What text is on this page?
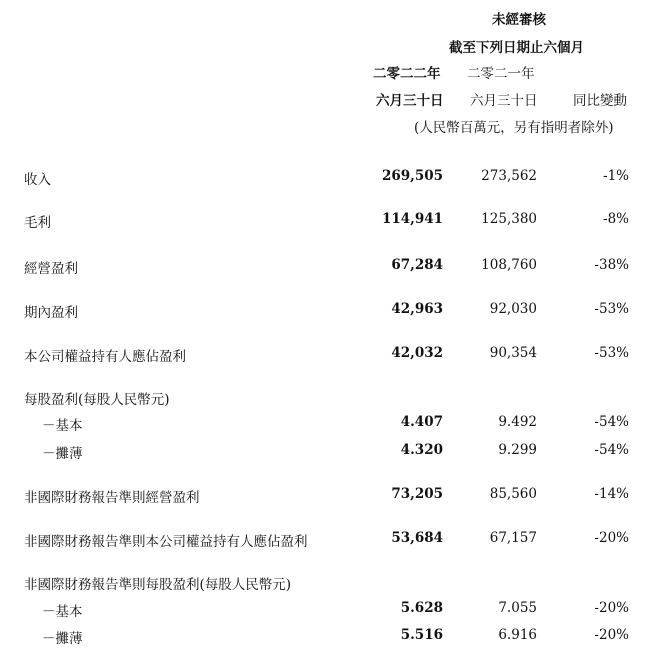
未經審核
截至下列日期止六個月
二零二二年 二零二一年
六月三十日 六月三十日	同比變動
(人民幣百萬元，另有指明者除外)
收入	269,505	273,562	-1%
毛利	114,941	125,380	-8%
經營盈利	67,284	108,760	-38%
期內盈利	42,963	92,030	-53%
本公司權益持有人應佔盈利	42,032	90,354	-53%
每股盈利(每股人民幣元)
－基本	4.407	9.492	-54%
－攤薄	4.320	9.299	-54%
非國際財務報告準則經營盈利	73,205	85,560	-14%
非國際財務報告準則本公司權益持有人應佔盈利	53,684	67,157	-20%
非國際財務報告準則每股盈利(每股人民幣元)
－基本	5.628	7.055	-20%
－攤薄	5.516	6.916	-20%
